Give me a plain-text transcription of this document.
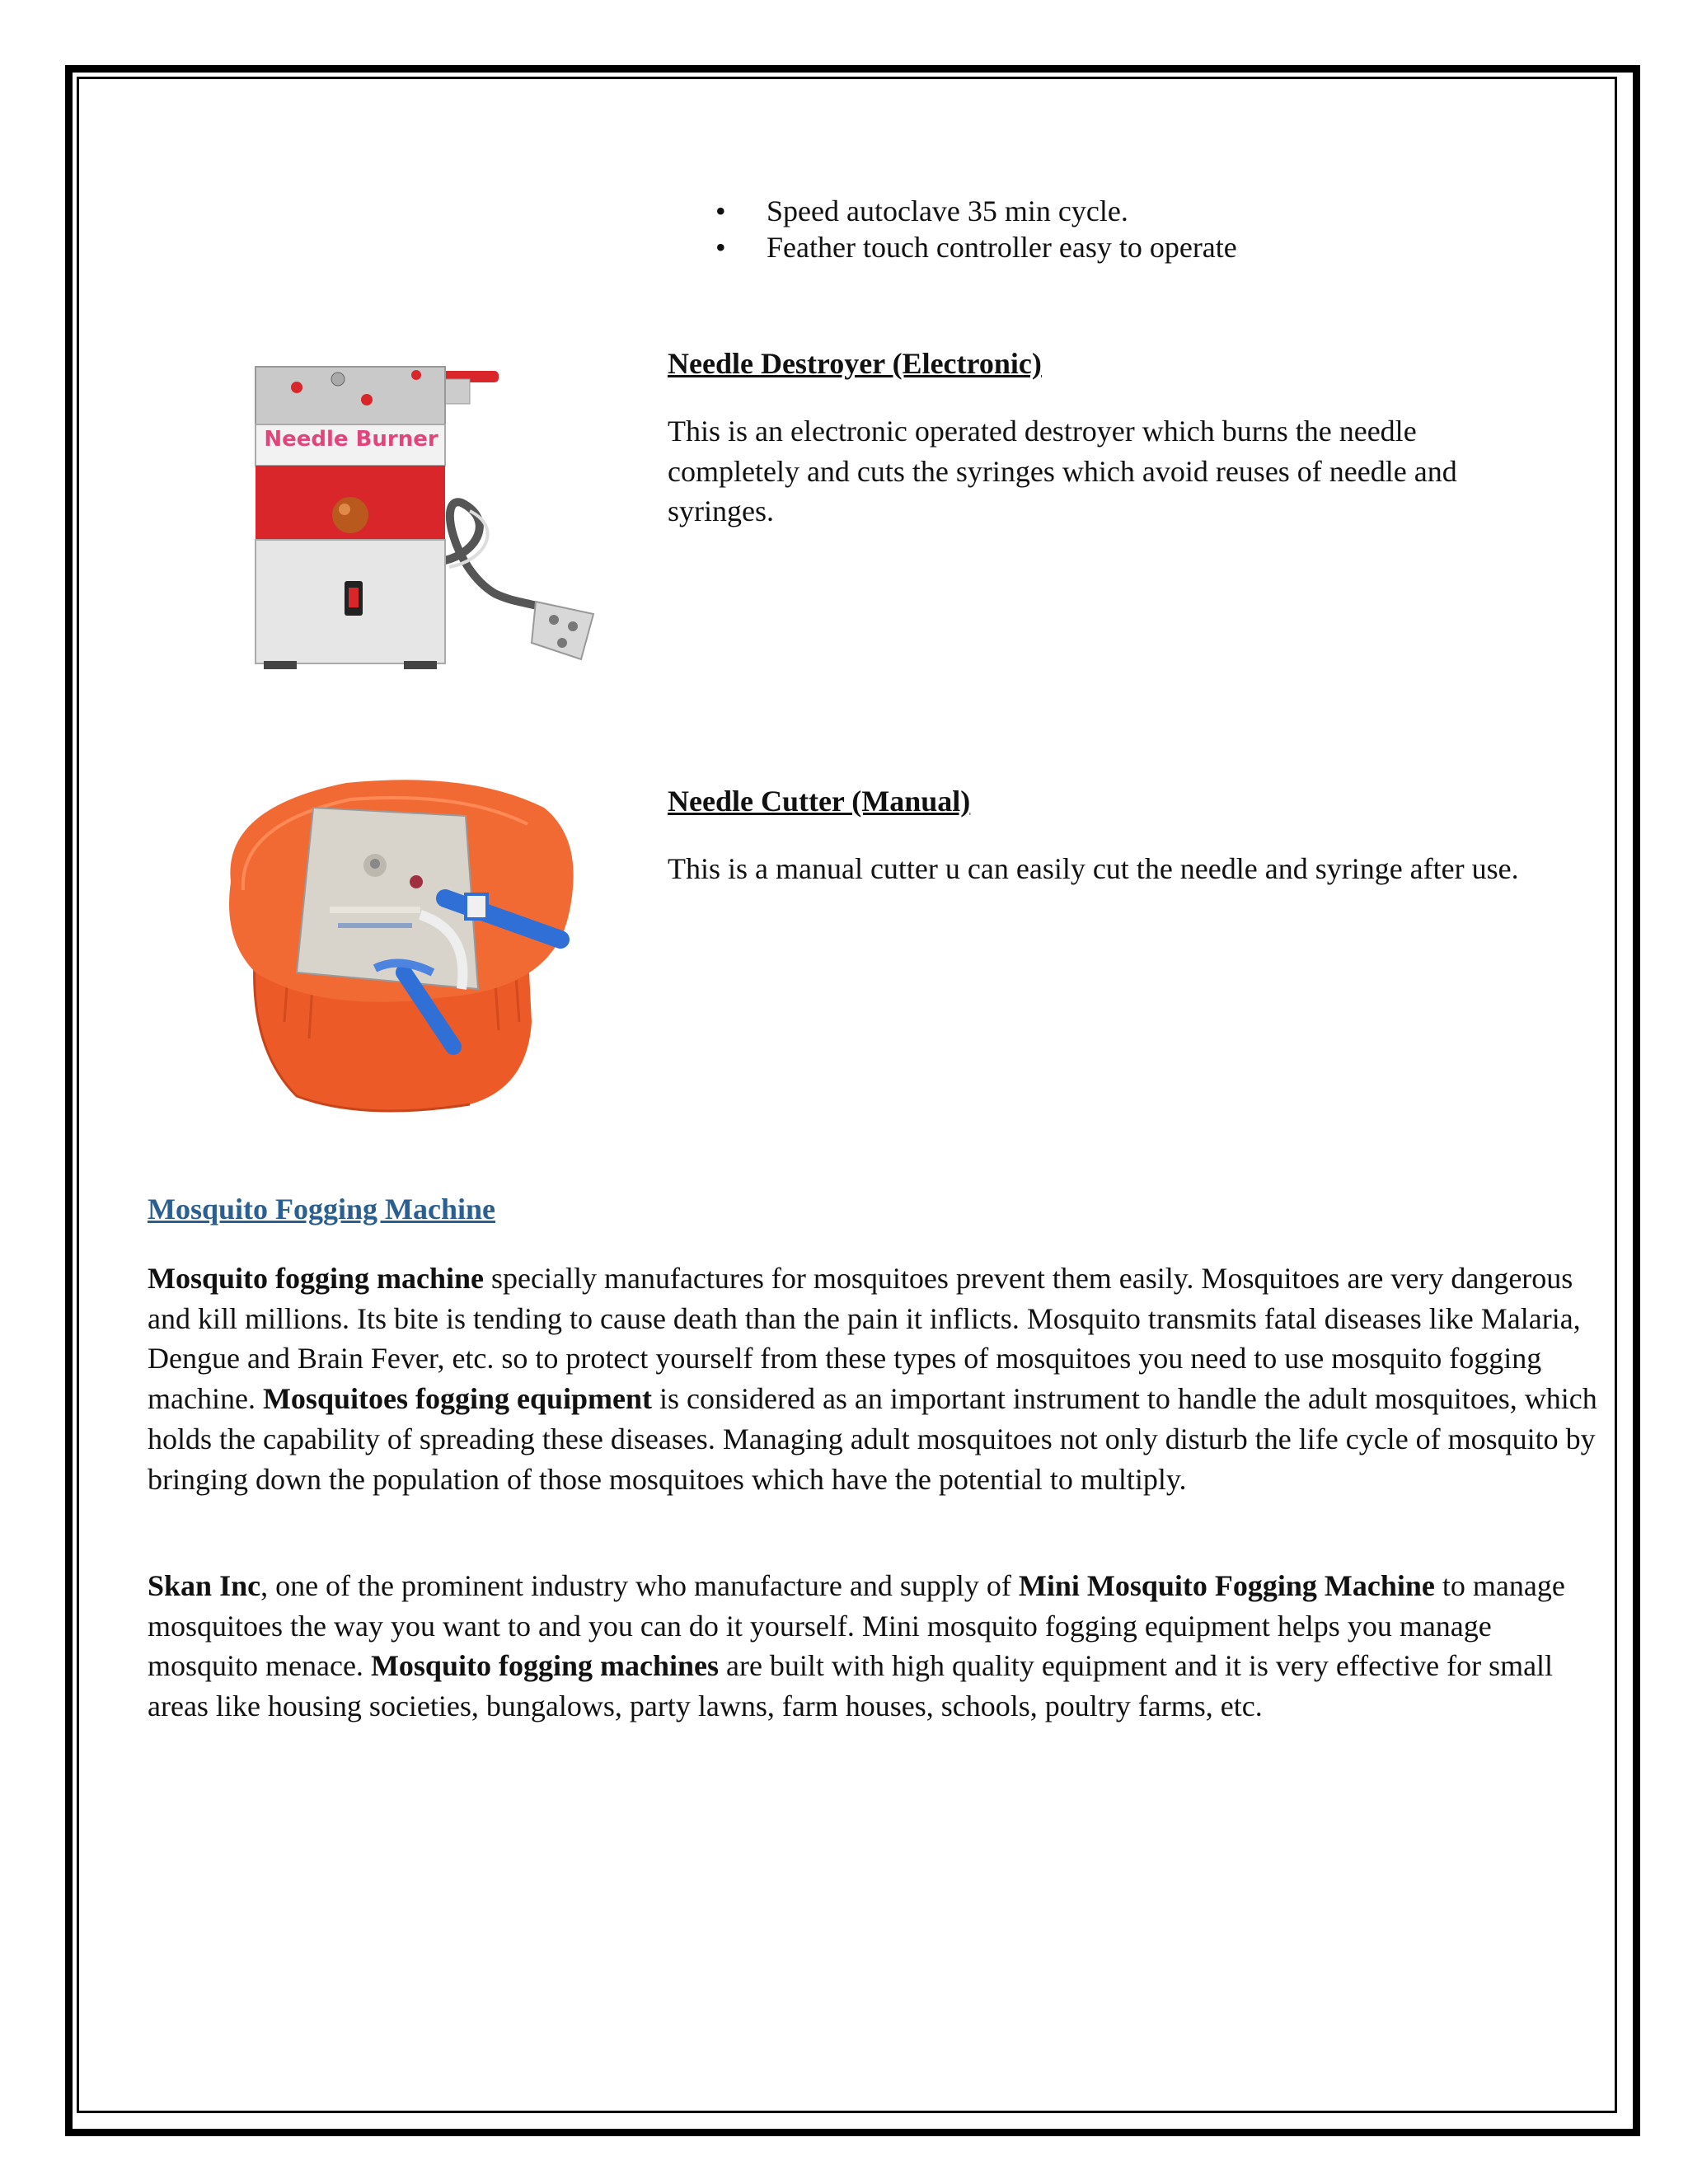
• Speed autoclave 35 min cycle.
• Feather touch controller easy to operate
Needle Burner
Needle Destroyer (Electronic)
This is an electronic operated destroyer which burns the needle completely and cuts the syringes which avoid reuses of needle and syringes.
Needle Cutter (Manual)
This is a manual cutter u can easily cut the needle and syringe after use.
Mosquito Fogging Machine
Mosquito fogging machine specially manufactures for mosquitoes prevent them easily. Mosquitoes are very dangerous and kill millions. Its bite is tending to cause death than the pain it inflicts. Mosquito transmits fatal diseases like Malaria, Dengue and Brain Fever, etc. so to protect yourself from these types of mosquitoes you need to use mosquito fogging machine. Mosquitoes fogging equipment is considered as an important instrument to handle the adult mosquitoes, which holds the capability of spreading these diseases. Managing adult mosquitoes not only disturb the life cycle of mosquito by bringing down the population of those mosquitoes which have the potential to multiply.
Skan Inc, one of the prominent industry who manufacture and supply of Mini Mosquito Fogging Machine to manage mosquitoes the way you want to and you can do it yourself. Mini mosquito fogging equipment helps you manage mosquito menace. Mosquito fogging machines are built with high quality equipment and it is very effective for small areas like housing societies, bungalows, party lawns, farm houses, schools, poultry farms, etc.
